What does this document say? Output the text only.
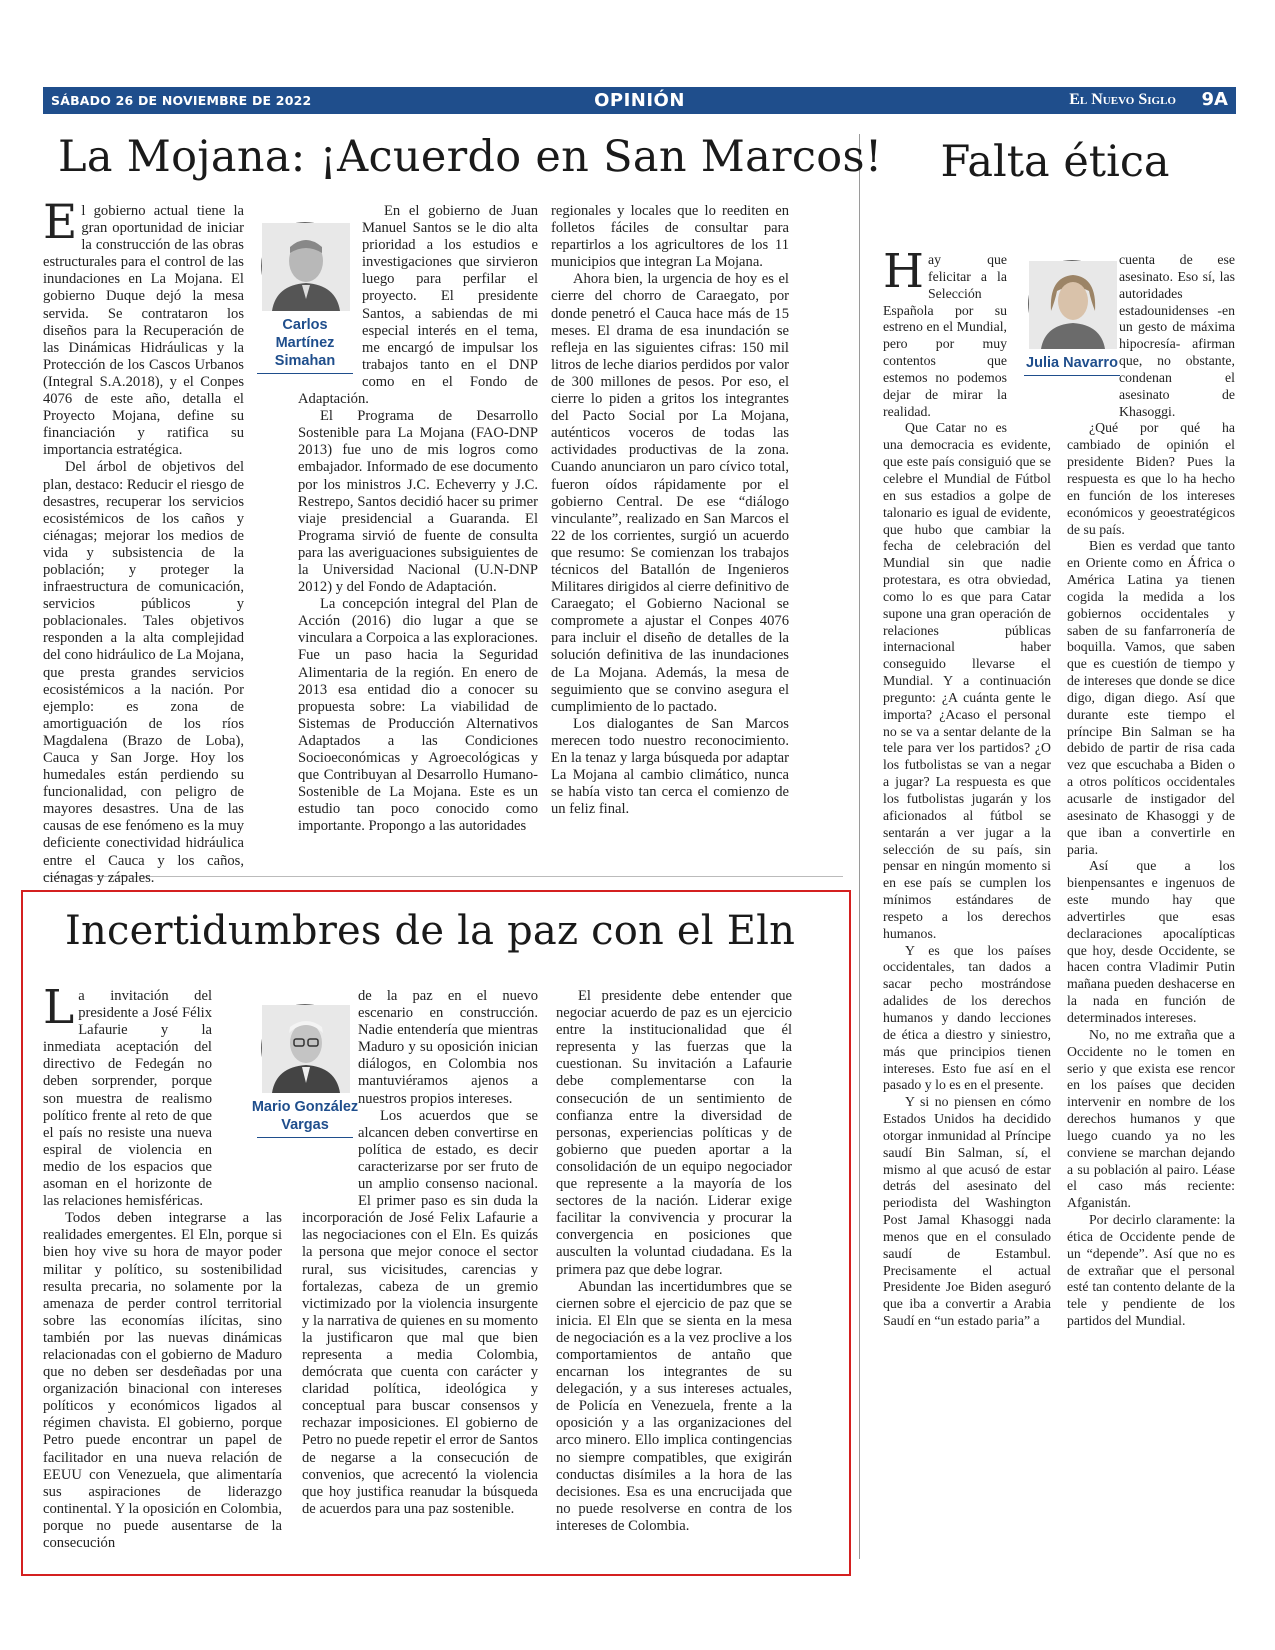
SÁBADO 26 DE NOVIEMBRE DE 2022	OPINIÓN	El Nuevo Siglo 9A
La Mojana: ¡Acuerdo en San Marcos!

El gobierno actual tiene la gran oportunidad de iniciar la construcción de las obras estructurales para el control de las inundaciones en La Mojana. El gobierno Duque dejó la mesa servida. Se contrataron los diseños para la Recuperación de las Dinámicas Hidráulicas y la Protección de los Cascos Urbanos (Integral S.A.2018), y el Conpes 4076 de este año, detalla el Proyecto Mojana, define su financiación y ratifica su importancia estratégica.

Del árbol de objetivos del plan, destaco: Reducir el riesgo de desastres, recuperar los servicios ecosistémicos de los caños y ciénagas; mejorar los medios de vida y subsistencia de la población; y proteger la infraestructura de comunicación, servicios públicos y poblacionales. Tales objetivos responden a la alta complejidad del cono hidráulico de La Mojana, que presta grandes servicios ecosistémicos a la nación. Por ejemplo: es zona de amortiguación de los ríos Magdalena (Brazo de Loba), Cauca y San Jorge. Hoy los humedales están perdiendo su funcionalidad, con peligro de mayores desastres. Una de las causas de ese fenómeno es la muy deficiente conectividad hidráulica entre el Cauca y los caños, ciénagas y zápales.

Carlos Martínez Simahan

En el gobierno de Juan Manuel Santos se le dio alta prioridad a los estudios e investigaciones que sirvieron luego para perfilar el proyecto. El presidente Santos, a sabiendas de mi especial interés en el tema, me encargó de impulsar los trabajos tanto en el DNP como en el Fondo de Adaptación.

El Programa de Desarrollo Sostenible para La Mojana (FAO-DNP 2013) fue uno de mis logros como embajador. Informado de ese documento por los ministros J.C. Echeverry y J.C. Restrepo, Santos decidió hacer su primer viaje presidencial a Guaranda. El Programa sirvió de fuente de consulta para las averiguaciones subsiguientes de la Universidad Nacional (U.N-DNP 2012) y del Fondo de Adaptación.

La concepción integral del Plan de Acción (2016) dio lugar a que se vinculara a Corpoica a las exploraciones. Fue un paso hacia la Seguridad Alimentaria de la región. En enero de 2013 esa entidad dio a conocer su propuesta sobre: La viabilidad de Sistemas de Producción Alternativos Adaptados a las Condiciones Socioeconómicas y Agroecológicas y que Contribuyan al Desarrollo Humano-Sostenible de La Mojana. Este es un estudio tan poco conocido como importante. Propongo a las autoridades

regionales y locales que lo reediten en folletos fáciles de consultar para repartirlos a los agricultores de los 11 municipios que integran La Mojana.

Ahora bien, la urgencia de hoy es el cierre del chorro de Caraegato, por donde penetró el Cauca hace más de 15 meses. El drama de esa inundación se refleja en las siguientes cifras: 150 mil litros de leche diarios perdidos por valor de 300 millones de pesos. Por eso, el cierre lo piden a gritos los integrantes del Pacto Social por La Mojana, auténticos voceros de todas las actividades productivas de la zona. Cuando anunciaron un paro cívico total, fueron oídos rápidamente por el gobierno Central. De ese “diálogo vinculante”, realizado en San Marcos el 22 de los corrientes, surgió un acuerdo que resumo: Se comienzan los trabajos técnicos del Batallón de Ingenieros Militares dirigidos al cierre definitivo de Caraegato; el Gobierno Nacional se compromete a ajustar el Conpes 4076 para incluir el diseño de detalles de la solución definitiva de las inundaciones de La Mojana. Además, la mesa de seguimiento que se convino asegura el cumplimiento de lo pactado.

Los dialogantes de San Marcos merecen todo nuestro reconocimiento. En la tenaz y larga búsqueda por adaptar La Mojana al cambio climático, nunca se había visto tan cerca el comienzo de un feliz final.

Incertidumbres de la paz con el Eln

La invitación del presidente a José Félix Lafaurie y la inmediata aceptación del directivo de Fedegán no deben sorprender, porque son muestra de realismo político frente al reto de que el país no resiste una nueva espiral de violencia en medio de los espacios que asoman en el horizonte de las relaciones hemisféricas.

Todos deben integrarse a las realidades emergentes. El Eln, porque si bien hoy vive su hora de mayor poder militar y político, su sostenibilidad resulta precaria, no solamente por la amenaza de perder control territorial sobre las economías ilícitas, sino también por las nuevas dinámicas relacionadas con el gobierno de Maduro que no deben ser desdeñadas por una organización binacional con intereses políticos y económicos ligados al régimen chavista. El gobierno, porque Petro puede encontrar un papel de facilitador en una nueva relación de EEUU con Venezuela, que alimentaría sus aspiraciones de liderazgo continental. Y la oposición en Colombia, porque no puede ausentarse de la consecución

Mario González Vargas

de la paz en el nuevo escenario en construcción. Nadie entendería que mientras Maduro y su oposición inician diálogos, en Colombia nos mantuviéramos ajenos a nuestros propios intereses.

Los acuerdos que se alcancen deben convertirse en política de estado, es decir caracterizarse por ser fruto de un amplio consenso nacional. El primer paso es sin duda la incorporación de José Felix Lafaurie a las negociaciones con el Eln. Es quizás la persona que mejor conoce el sector rural, sus vicisitudes, carencias y fortalezas, cabeza de un gremio victimizado por la violencia insurgente y la narrativa de quienes en su momento la justificaron que mal que bien representa a media Colombia, demócrata que cuenta con carácter y claridad política, ideológica y conceptual para buscar consensos y rechazar imposiciones. El gobierno de Petro no puede repetir el error de Santos de negarse a la consecución de convenios, que acrecentó la violencia que hoy justifica reanudar la búsqueda de acuerdos para una paz sostenible.

El presidente debe entender que negociar acuerdo de paz es un ejercicio entre la institucionalidad que él representa y las fuerzas que la cuestionan. Su invitación a Lafaurie debe complementarse con la consecución de un sentimiento de confianza entre la diversidad de personas, experiencias políticas y de gobierno que pueden aportar a la consolidación de un equipo negociador que represente a la mayoría de los sectores de la nación. Liderar exige facilitar la convivencia y procurar la convergencia en posiciones que ausculten la voluntad ciudadana. Es la primera paz que debe lograr.

Abundan las incertidumbres que se ciernen sobre el ejercicio de paz que se inicia. El Eln que se sienta en la mesa de negociación es a la vez proclive a los comportamientos de antaño que encarnan los integrantes de su delegación, y a sus intereses actuales, de Policía en Venezuela, frente a la oposición y a las organizaciones del arco minero. Ello implica contingencias no siempre compatibles, que exigirán conductas disímiles a la hora de las decisiones. Esa es una encrucijada que no puede resolverse en contra de los intereses de Colombia.

Falta ética

Hay que felicitar a la Selección Española por su estreno en el Mundial, pero por muy contentos que estemos no podemos dejar de mirar la realidad.

Que Catar no es una democracia es evidente, que este país consiguió que se celebre el Mundial de Fútbol en sus estadios a golpe de talonario es igual de evidente, que hubo que cambiar la fecha de celebración del Mundial sin que nadie protestara, es otra obviedad, como lo es que para Catar supone una gran operación de relaciones públicas internacional haber conseguido llevarse el Mundial. Y a continuación pregunto: ¿A cuánta gente le importa? ¿Acaso el personal no se va a sentar delante de la tele para ver los partidos? ¿O los futbolistas se van a negar a jugar? La respuesta es que los futbolistas jugarán y los aficionados al fútbol se sentarán a ver jugar a la selección de su país, sin pensar en ningún momento si en ese país se cumplen los mínimos estándares de respeto a los derechos humanos.

Y es que los países occidentales, tan dados a sacar pecho mostrándose adalides de los derechos humanos y dando lecciones de ética a diestro y siniestro, más que principios tienen intereses. Esto fue así en el pasado y lo es en el presente.

Y si no piensen en cómo Estados Unidos ha decidido otorgar inmunidad al Príncipe saudí Bin Salman, sí, el mismo al que acusó de estar detrás del asesinato del periodista del Washington Post Jamal Khasoggi nada menos que en el consulado saudí de Estambul. Precisamente el actual Presidente Joe Biden aseguró que iba a convertir a Arabia Saudí en “un estado paria” a

Julia Navarro

cuenta de ese asesinato. Eso sí, las autoridades estadounidenses -en un gesto de máxima hipocresía- afirman que, no obstante, condenan el asesinato de Khasoggi.

¿Qué por qué ha cambiado de opinión el presidente Biden? Pues la respuesta es que lo ha hecho en función de los intereses económicos y geoestratégicos de su país.

Bien es verdad que tanto en Oriente como en África o América Latina ya tienen cogida la medida a los gobiernos occidentales y saben de su fanfarronería de boquilla. Vamos, que saben que es cuestión de tiempo y de intereses que donde se dice digo, digan diego. Así que durante este tiempo el príncipe Bin Salman se ha debido de partir de risa cada vez que escuchaba a Biden o a otros políticos occidentales acusarle de instigador del asesinato de Khasoggi y de que iban a convertirle en paria.

Así que a los bienpensantes e ingenuos de este mundo hay que advertirles que esas declaraciones apocalípticas que hoy, desde Occidente, se hacen contra Vladimir Putin mañana pueden deshacerse en la nada en función de determinados intereses.

No, no me extraña que a Occidente no le tomen en serio y que exista ese rencor en los países que deciden intervenir en nombre de los derechos humanos y que luego cuando ya no les conviene se marchan dejando a su población al pairo. Léase el caso más reciente: Afganistán.

Por decirlo claramente: la ética de Occidente pende de un “depende”. Así que no es de extrañar que el personal esté tan contento delante de la tele y pendiente de los partidos del Mundial.
